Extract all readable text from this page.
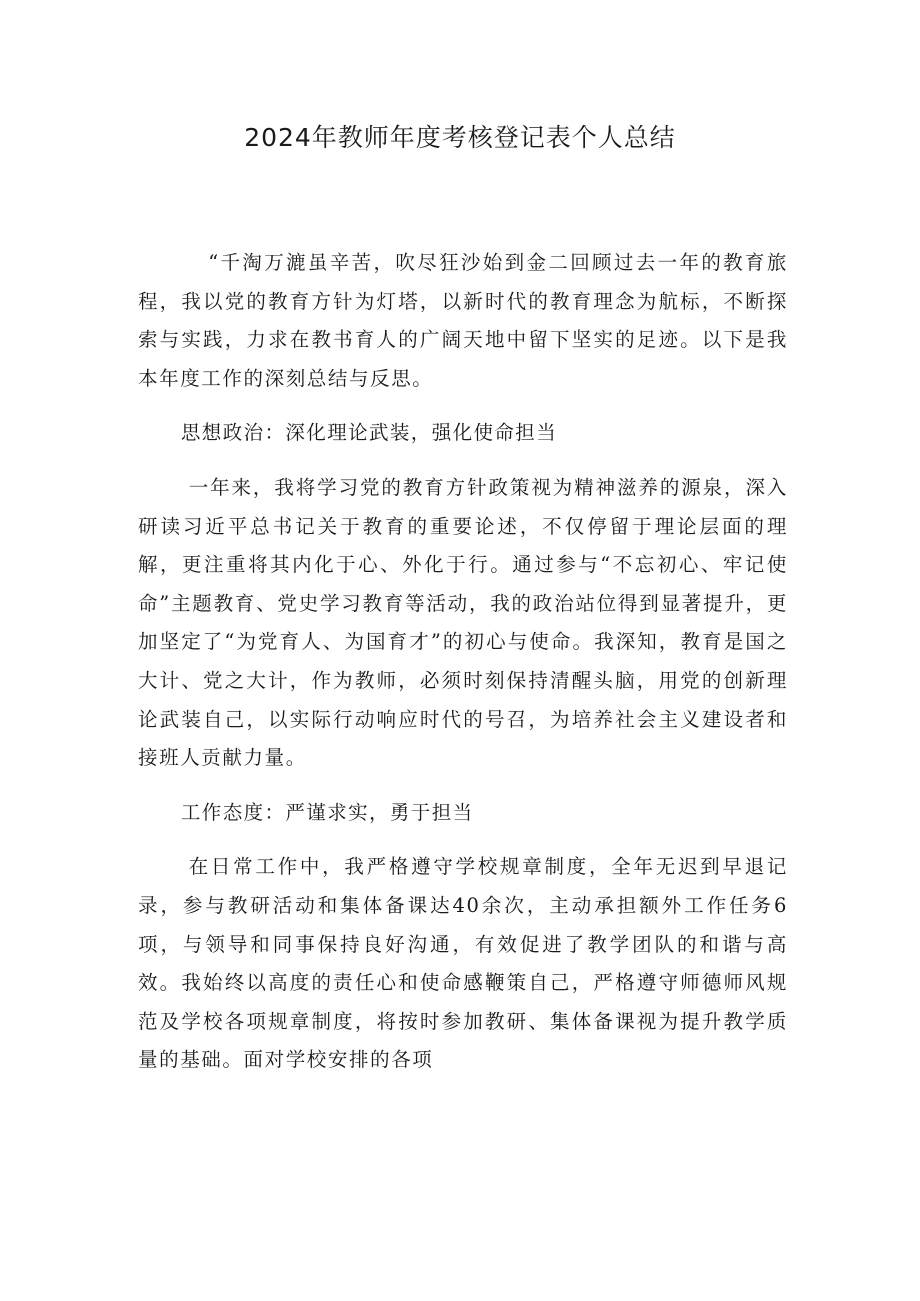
2024年教师年度考核登记表个人总结

“千淘万漉虽辛苦，吹尽狂沙始到金二回顾过去一年的教育旅程，我以党的教育方针为灯塔，以新时代的教育理念为航标，不断探索与实践，力求在教书育人的广阔天地中留下坚实的足迹。以下是我本年度工作的深刻总结与反思。

思想政治：深化理论武装，强化使命担当

一年来，我将学习党的教育方针政策视为精神滋养的源泉，深入研读习近平总书记关于教育的重要论述，不仅停留于理论层面的理解，更注重将其内化于心、外化于行。通过参与“不忘初心、牢记使命”主题教育、党史学习教育等活动，我的政治站位得到显著提升，更加坚定了“为党育人、为国育才”的初心与使命。我深知，教育是国之大计、党之大计，作为教师，必须时刻保持清醒头脑，用党的创新理论武装自己，以实际行动响应时代的号召，为培养社会主义建设者和接班人贡献力量。

工作态度：严谨求实，勇于担当

在日常工作中，我严格遵守学校规章制度，全年无迟到早退记录，参与教研活动和集体备课达40余次，主动承担额外工作任务6项，与领导和同事保持良好沟通，有效促进了教学团队的和谐与高效。我始终以高度的责任心和使命感鞭策自己，严格遵守师德师风规范及学校各项规章制度，将按时参加教研、集体备课视为提升教学质量的基础。面对学校安排的各项
